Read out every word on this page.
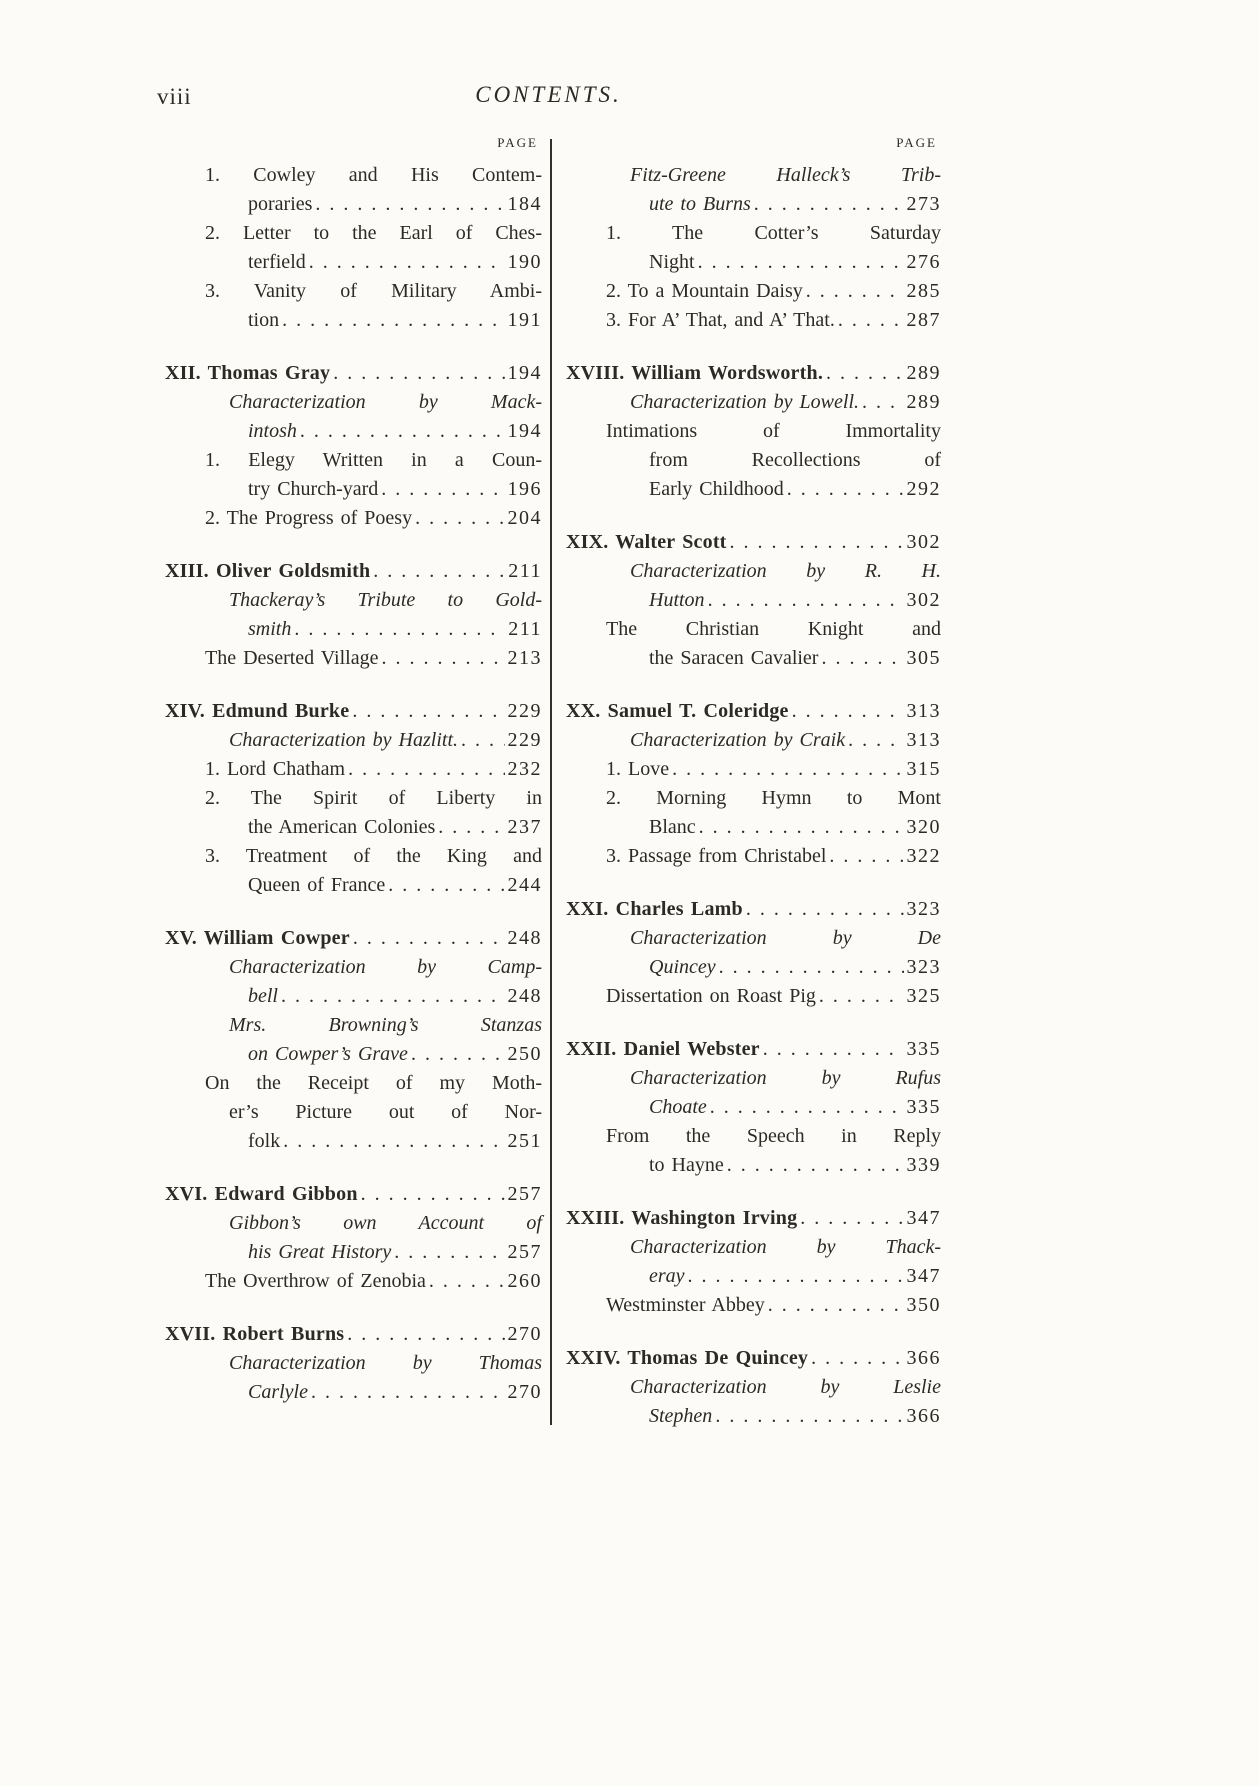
viii	CONTENTS.
PAGE
1. Cowley and His Contem-
poraries . . .	184
2. Letter to the Earl of Ches-
terfield . . .	190
3. Vanity of Military Ambi-
tion . . .	191
XII. Thomas Gray . . .	194
Characterization by Mack-
intosh . . .	194
1. Elegy Written in a Coun-
try Church-yard . . .	196
2. The Progress of Poesy . . .	204
XIII. Oliver Goldsmith . . .	211
Thackeray’s Tribute to Gold-
smith . . .	211
The Deserted Village . . .	213
XIV. Edmund Burke . . .	229
Characterization by Hazlitt. . . . 229
1. Lord Chatham . . .	232
2. The Spirit of Liberty in
the American Colonies . . .	237
3. Treatment of the King and
Queen of France . . .	244
XV. William Cowper . . .	248
Characterization by Camp-
bell . . .	248
Mrs. Browning’s Stanzas
on Cowper’s Grave . . .	250
On the Receipt of my Moth-
er’s Picture out of Nor-
folk . . .	251
XVI. Edward Gibbon . . .	257
Gibbon’s own Account of
his Great History . . .	257
The Overthrow of Zenobia . . .	260
XVII. Robert Burns . . .	270
Characterization by Thomas
Carlyle . . .	270
PAGE
Fitz-Greene Halleck’s Trib-
ute to Burns . . .	273
1. The Cotter’s Saturday
Night . . .	276
2. To a Mountain Daisy . . .	285
3. For A’ That, and A’ That. . . .	287
XVIII. William Wordsworth. . . .	289
Characterization by Lowell. . . . 289
Intimations of Immortality
from Recollections of
Early Childhood . . .	292
XIX. Walter Scott . . .	302
Characterization by R. H.
Hutton . . .	302
The Christian Knight and
the Saracen Cavalier . . .	305
XX. Samuel T. Coleridge . . .	313
Characterization by Craik . . .	313
1. Love . . .	315
2. Morning Hymn to Mont
Blanc . . .	320
3. Passage from Christabel . . .	322
XXI. Charles Lamb . . .	323
Characterization by De
Quincey . . .	323
Dissertation on Roast Pig . . .	325
XXII. Daniel Webster . . .	335
Characterization by Rufus
Choate . . .	335
From the Speech in Reply
to Hayne . . .	339
XXIII. Washington Irving . . .	347
Characterization by Thack-
eray . . .	347
Westminster Abbey . . .	350
XXIV. Thomas De Quincey . . .	366
Characterization by Leslie
Stephen . . .	366
